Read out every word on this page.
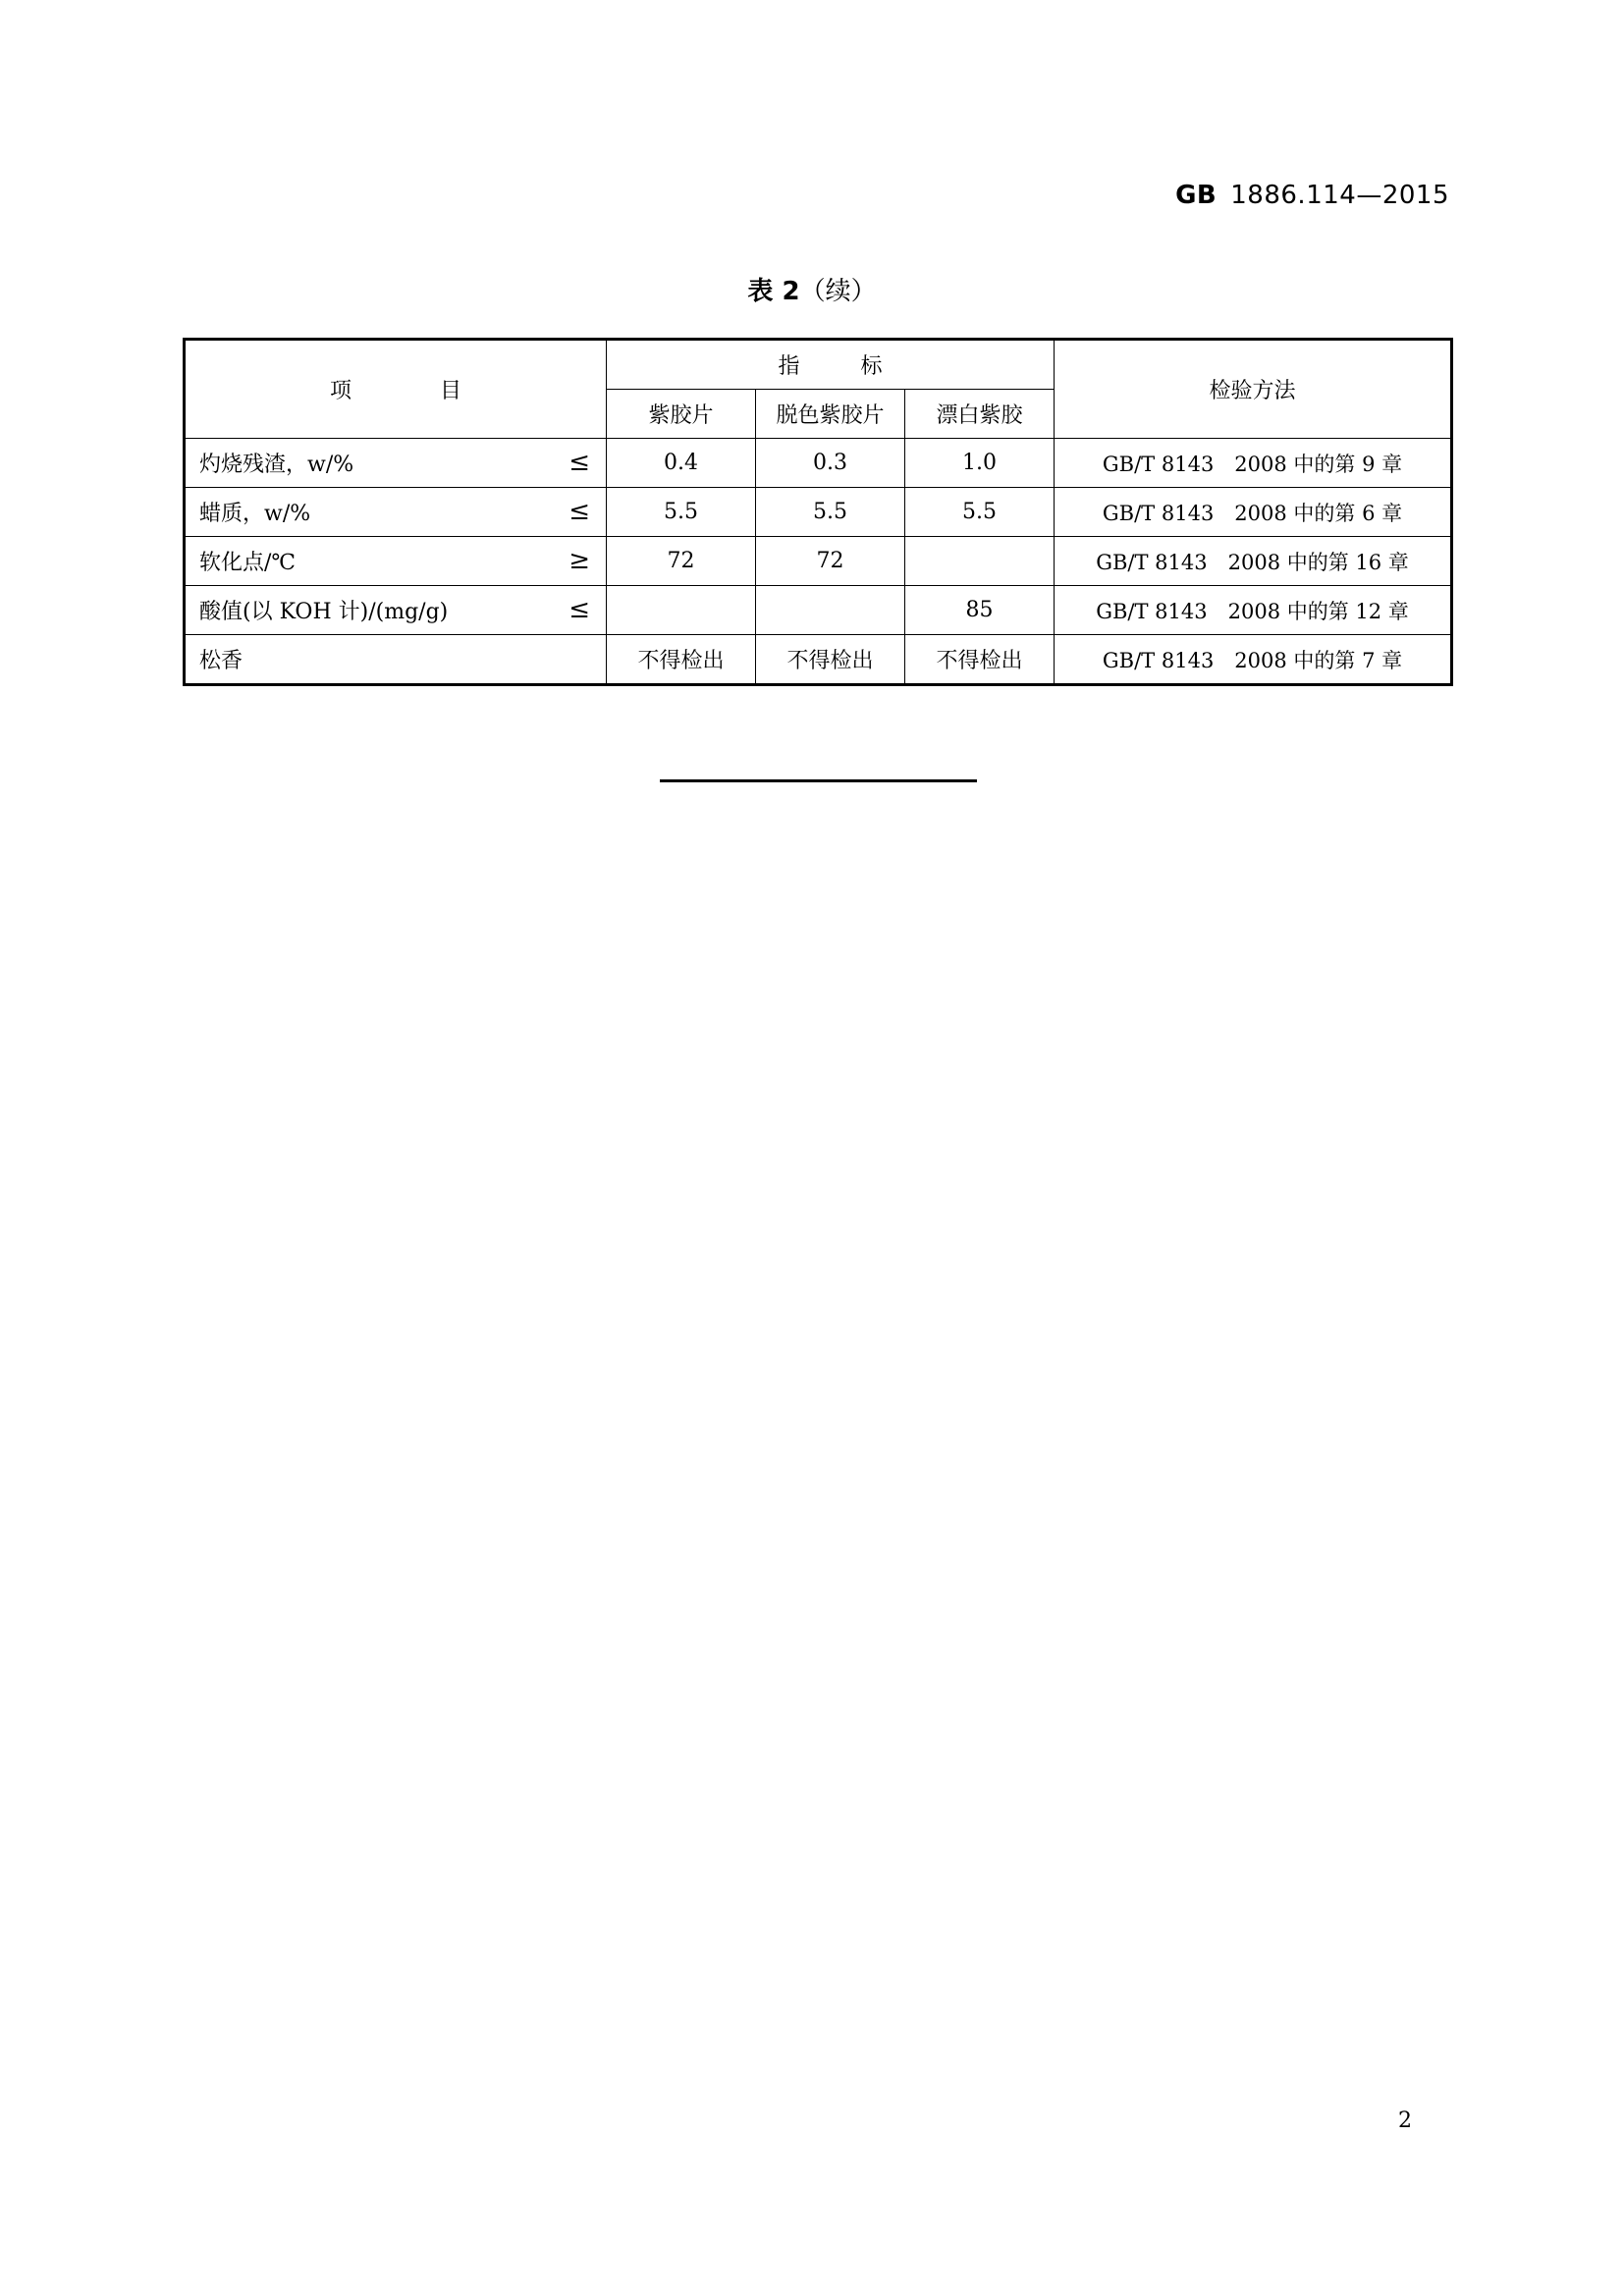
GB 1886.114—2015
表 2（续）
项　目	指　标			检验方法
	紫胶片	脱色紫胶片	漂白紫胶	
灼烧残渣，w/% ≤	0.4	0.3	1.0	GB/T 8143　2008 中的第 9 章
蜡质，w/% ≤	5.5	5.5	5.5	GB/T 8143　2008 中的第 6 章
软化点/℃ ≥	72	72		GB/T 8143　2008 中的第 16 章
酸值(以 KOH 计)/(mg/g) ≤			85	GB/T 8143　2008 中的第 12 章
松香	不得检出	不得检出	不得检出	GB/T 8143　2008 中的第 7 章
2
